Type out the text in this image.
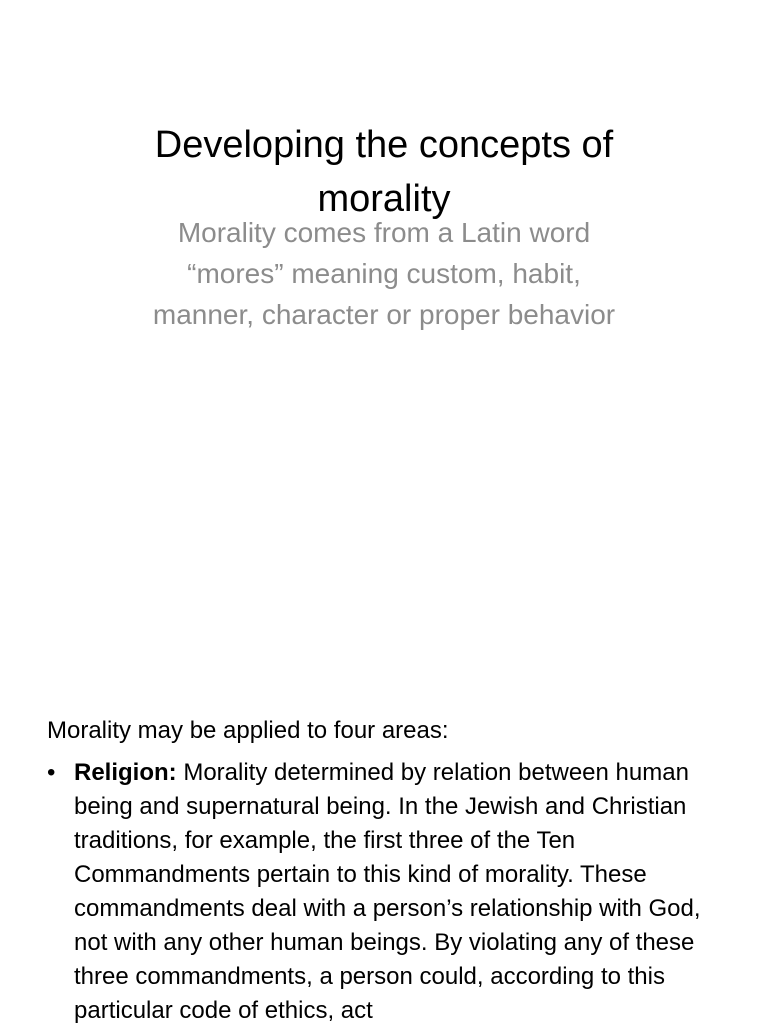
Developing the concepts of
morality

Morality comes from a Latin word
“mores” meaning custom, habit,
manner, character or proper behavior

Morality may be applied to four areas:

• Religion: Morality determined by relation between human being and supernatural being. In the Jewish and Christian traditions, for example, the first three of the Ten Commandments pertain to this kind of morality. These commandments deal with a person’s relationship with God, not with any other human beings. By violating any of these three commandments, a person could, according to this particular code of ethics, act
